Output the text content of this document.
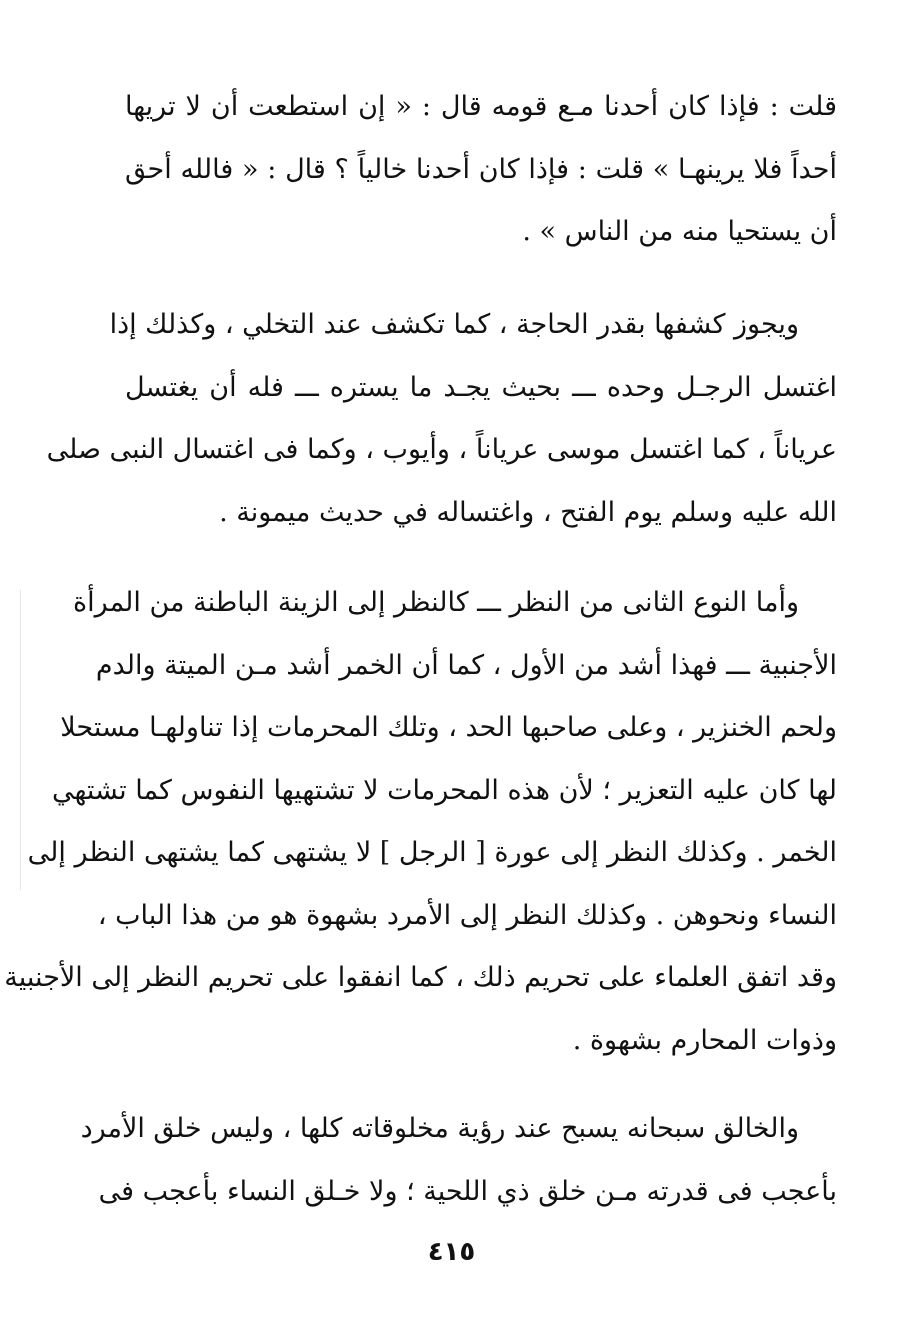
قلت : فإذا كان أحدنا مـع قومه قال : « إن استطعت أن لا تريها
أحداً فلا يرينهـا » قلت : فإذا كان أحدنا خالياً ؟ قال : « فالله أحق
أن يستحيا منه من الناس » .
ويجوز كشفها بقدر الحاجة ، كما تكشف عند التخلي ، وكذلك إذا
اغتسل الرجـل وحده ـــ بحيث يجـد ما يستره ـــ فله أن يغتسل
عرياناً ، كما اغتسل موسى عرياناً ، وأيوب ، وكما فى اغتسال النبى صلى
الله عليه وسلم يوم الفتح ، واغتساله في حديث ميمونة .
وأما النوع الثانى من النظر ـــ كالنظر إلى الزينة الباطنة من المرأة
الأجنبية ـــ فهذا أشد من الأول ، كما أن الخمر أشد مـن الميتة والدم
ولحم الخنزير ، وعلى صاحبها الحد ، وتلك المحرمات إذا تناولهـا مستحلا
لها كان عليه التعزير ؛ لأن هذه المحرمات لا تشتهيها النفوس كما تشتهي
الخمر . وكذلك النظر إلى عورة [ الرجل ] لا يشتهى كما يشتهى النظر إلى
النساء ونحوهن . وكذلك النظر إلى الأمرد بشهوة هو من هذا الباب ،
وقد اتفق العلماء على تحريم ذلك ، كما انفقوا على تحريم النظر إلى الأجنبية
وذوات المحارم بشهوة .
والخالق سبحانه يسبح عند رؤية مخلوقاته كلها ، وليس خلق الأمرد
بأعجب فى قدرته مـن خلق ذي اللحية ؛ ولا خـلق النساء بأعجب فى
٤١٥
